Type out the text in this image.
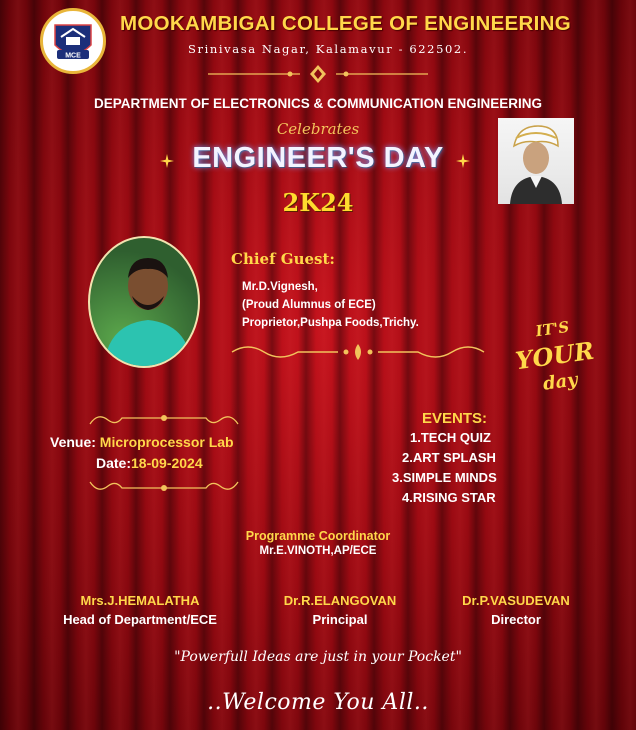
MCE
MOOKAMBIGAI COLLEGE OF ENGINEERING
Srinivasa Nagar, Kalamavur - 622502.
DEPARTMENT OF ELECTRONICS & COMMUNICATION ENGINEERING
Celebrates
ENGINEER'S DAY
2K24
Chief Guest:
Mr.D.Vignesh,
(Proud Alumnus of ECE)
Proprietor,Pushpa Foods,Trichy.	IT'S
YOUR
day
Venue: Microprocessor Lab
Date:18-09-2024
EVENTS:
1.TECH QUIZ
2.ART SPLASH
3.SIMPLE MINDS
4.RISING STAR
Programme Coordinator
Mr.E.VINOTH,AP/ECE
Mrs.J.HEMALATHA
Head of Department/ECE
Dr.R.ELANGOVAN
Principal
Dr.P.VASUDEVAN
Director
"Powerfull Ideas are just in your Pocket"
..Welcome You All..
